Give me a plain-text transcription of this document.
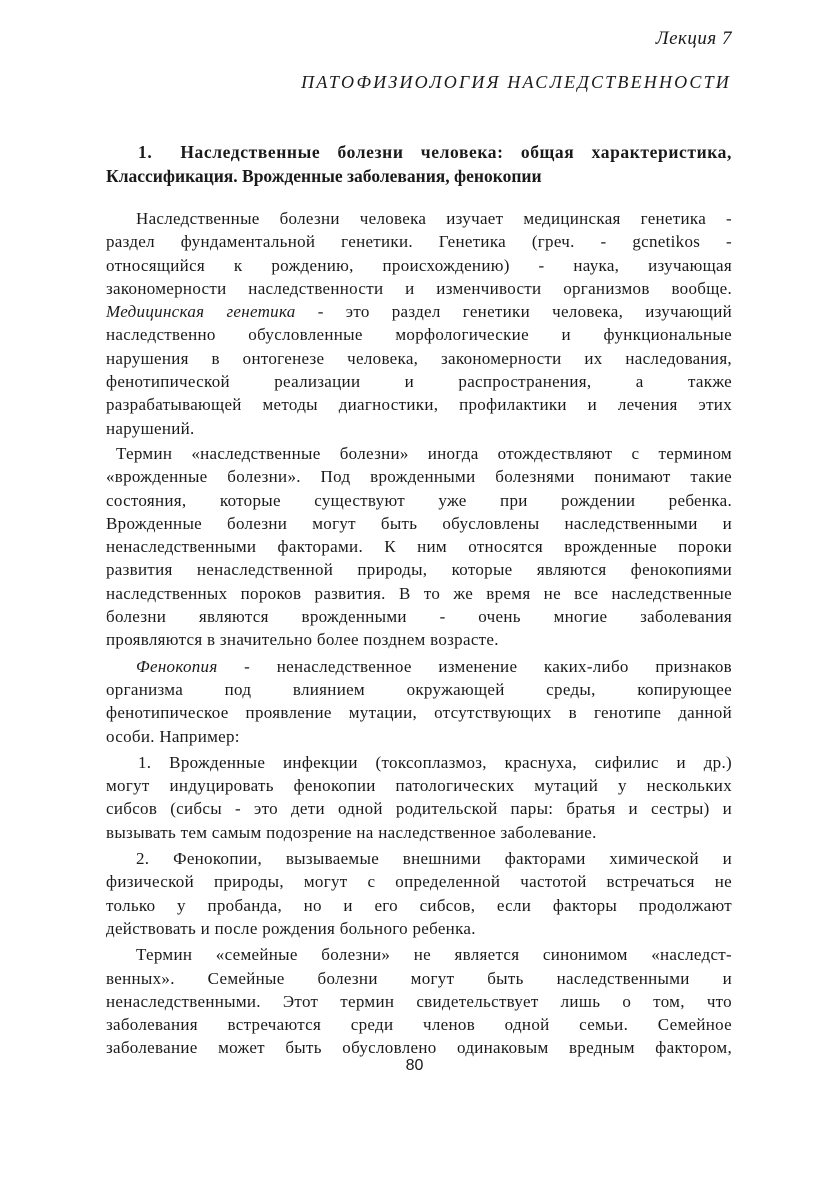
Лекция 7
ПАТОФИЗИОЛОГИЯ НАСЛЕДСТВЕННОСТИ
1. Наследственные болезни человека: общая характеристика,
Классификация. Врожденные заболевания, фенокопии
Наследственные болезни человека изучает медицинская генетика -
раздел фундаментальной генетики. Генетика (греч. - gcnetikos -
относящийся к рождению, происхождению) - наука, изучающая
закономерности наследственности и изменчивости организмов вообще.
Медицинская генетика - это раздел генетики человека, изучающий
наследственно обусловленные морфологические и функциональные
нарушения в онтогенезе человека, закономерности их наследования,
фенотипической реализации и распространения, а также
разрабатывающей методы диагностики, профилактики и лечения этих
нарушений.
Термин «наследственные болезни» иногда отождествляют с термином
«врожденные болезни». Под врожденными болезнями понимают такие
состояния, которые существуют уже при рождении ребенка.
Врожденные болезни могут быть обусловлены наследственными и
ненаследственными факторами. К ним относятся врожденные пороки
развития ненаследственной природы, которые являются фенокопиями
наследственных пороков развития. В то же время не все наследственные
болезни являются врожденными - очень многие заболевания
проявляются в значительно более позднем возрасте.
Фенокопия - ненаследственное изменение каких-либо признаков
организма под влиянием окружающей среды, копирующее
фенотипическое проявление мутации, отсутствующих в генотипе данной
особи. Например:
1. Врожденные инфекции (токсоплазмоз, краснуха, сифилис и др.)
могут индуцировать фенокопии патологических мутаций у нескольких
сибсов (сибсы - это дети одной родительской пары: братья и сестры) и
вызывать тем самым подозрение на наследственное заболевание.
2. Фенокопии, вызываемые внешними факторами химической и
физической природы, могут с определенной частотой встречаться не
только у пробанда, но и его сибсов, если факторы продолжают
действовать и после рождения больного ребенка.
Термин «семейные болезни» не является синонимом «наследст-
венных». Семейные болезни могут быть наследственными и
ненаследственными. Этот термин свидетельствует лишь о том, что
заболевания встречаются среди членов одной семьи. Семейное
заболевание может быть обусловлено одинаковым вредным фактором,
80
